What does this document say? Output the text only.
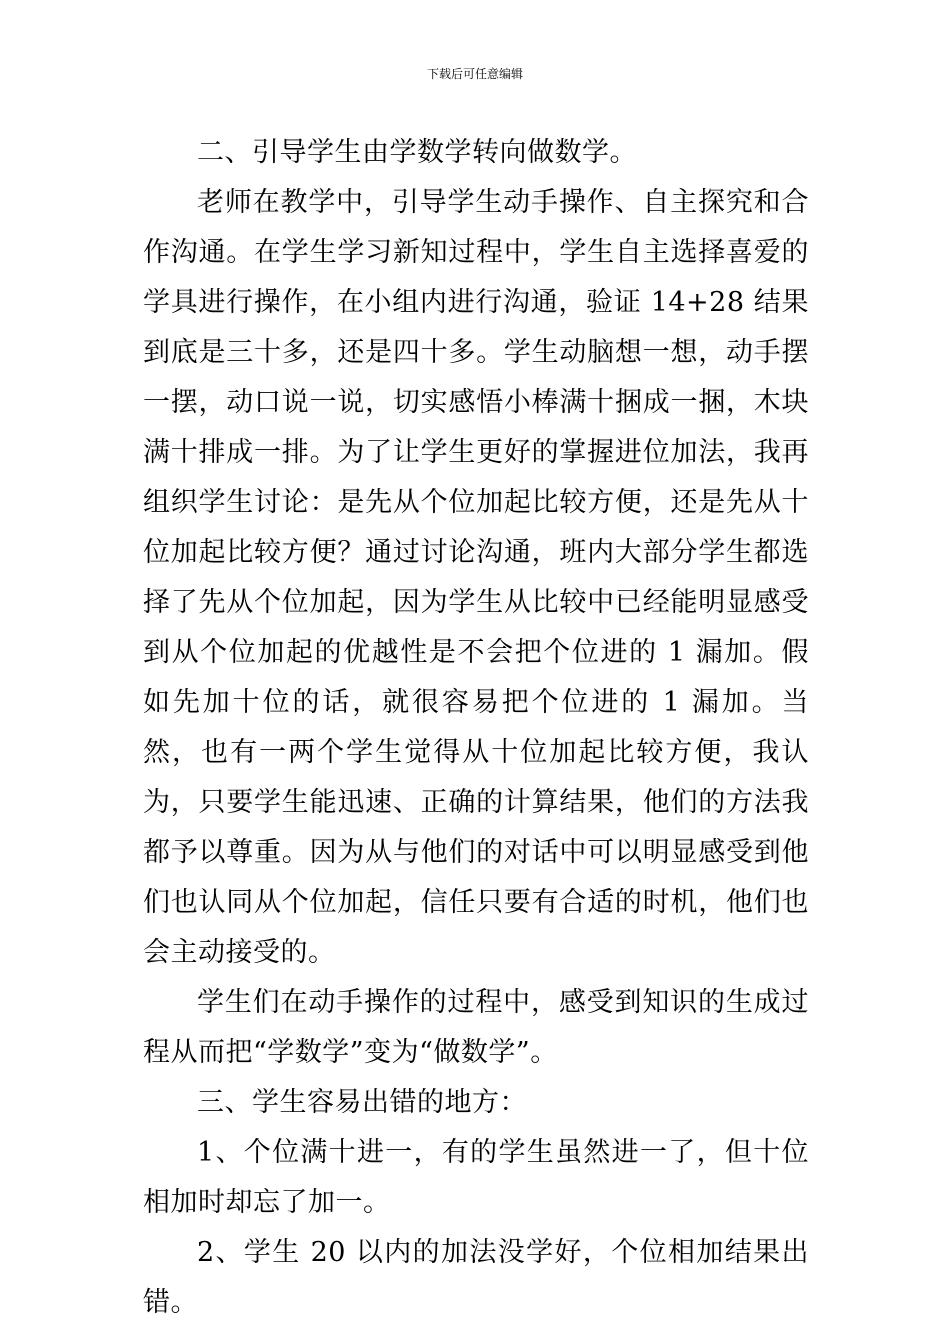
下载后可任意编辑

二、引导学生由学数学转向做数学。

老师在教学中，引导学生动手操作、自主探究和合作沟通。在学生学习新知过程中，学生自主选择喜爱的学具进行操作，在小组内进行沟通，验证 14+28 结果到底是三十多，还是四十多。学生动脑想一想，动手摆一摆，动口说一说，切实感悟小棒满十捆成一捆，木块满十排成一排。为了让学生更好的掌握进位加法，我再组织学生讨论：是先从个位加起比较方便，还是先从十位加起比较方便？通过讨论沟通，班内大部分学生都选择了先从个位加起，因为学生从比较中已经能明显感受到从个位加起的优越性是不会把个位进的 1 漏加。假如先加十位的话，就很容易把个位进的 1 漏加。当然，也有一两个学生觉得从十位加起比较方便，我认为，只要学生能迅速、正确的计算结果，他们的方法我都予以尊重。因为从与他们的对话中可以明显感受到他们也认同从个位加起，信任只要有合适的时机，他们也会主动接受的。

学生们在动手操作的过程中，感受到知识的生成过程从而把“学数学”变为“做数学”。

三、学生容易出错的地方：

1、个位满十进一，有的学生虽然进一了，但十位相加时却忘了加一。

2、学生 20 以内的加法没学好，个位相加结果出错。
